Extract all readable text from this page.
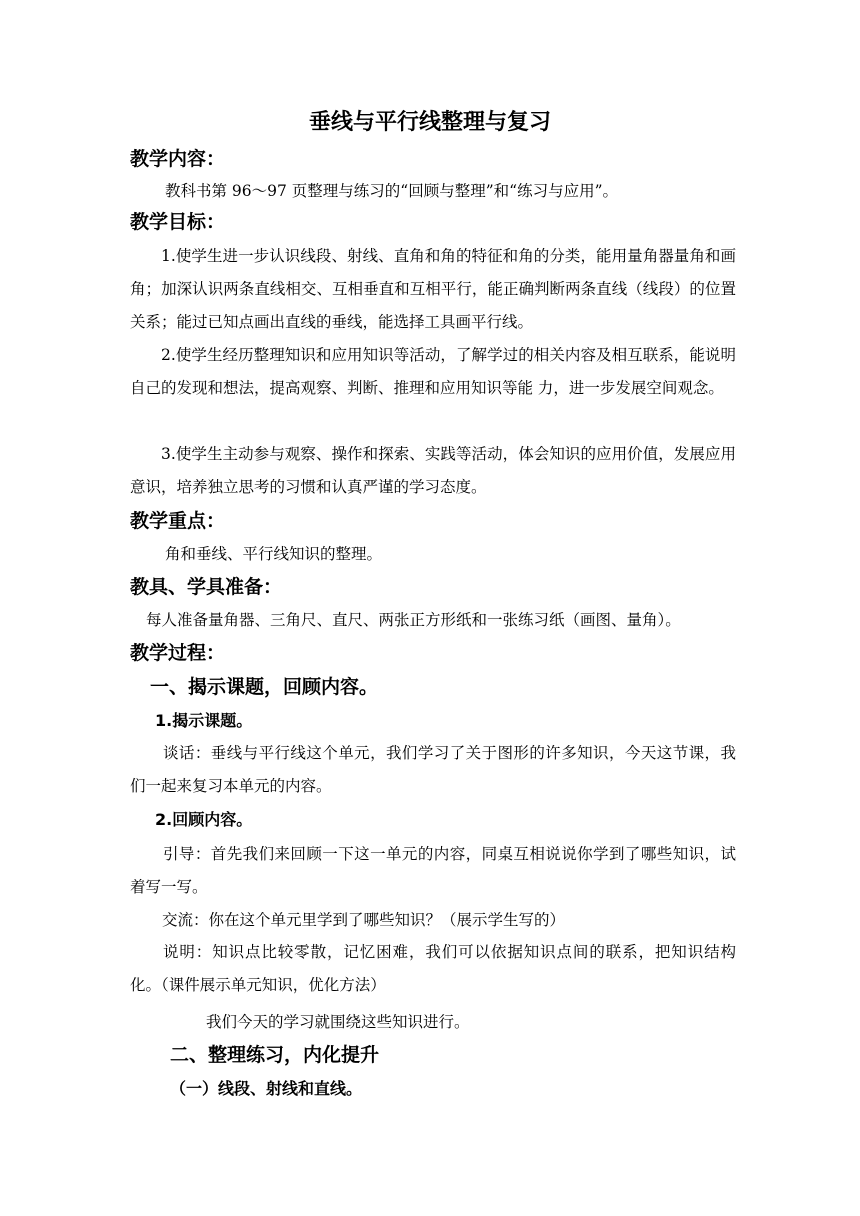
垂线与平行线整理与复习
教学内容：
教科书第 96～97 页整理与练习的“回顾与整理”和“练习与应用”。
教学目标：

1.使学生进一步认识线段、射线、直角和角的特征和角的分类，能用量角器量角和画角；加深认识两条直线相交、互相垂直和互相平行，能正确判断两条直线（线段）的位置关系；能过已知点画出直线的垂线，能选择工具画平行线。

2.使学生经历整理知识和应用知识等活动，了解学过的相关内容及相互联系，能说明自己的发现和想法，提高观察、判断、推理和应用知识等能 力，进一步发展空间观念。

3.使学生主动参与观察、操作和探索、实践等活动，体会知识的应用价值，发展应用意识，培养独立思考的习惯和认真严谨的学习态度。

教学重点：
角和垂线、平行线知识的整理。
教具、学具准备：
每人准备量角器、三角尺、直尺、两张正方形纸和一张练习纸（画图、量角）。
教学过程：
一、揭示课题，回顾内容。
1.揭示课题。

谈话：垂线与平行线这个单元，我们学习了关于图形的许多知识，今天这节课，我们一起来复习本单元的内容。

2.回顾内容。

引导：首先我们来回顾一下这一单元的内容，同桌互相说说你学到了哪些知识，试着写一写。

交流：你在这个单元里学到了哪些知识？（展示学生写的）

说明：知识点比较零散，记忆困难，我们可以依据知识点间的联系，把知识结构化。（课件展示单元知识，优化方法）

我们今天的学习就围绕这些知识进行。
二、整理练习，内化提升
（一）线段、射线和直线。
